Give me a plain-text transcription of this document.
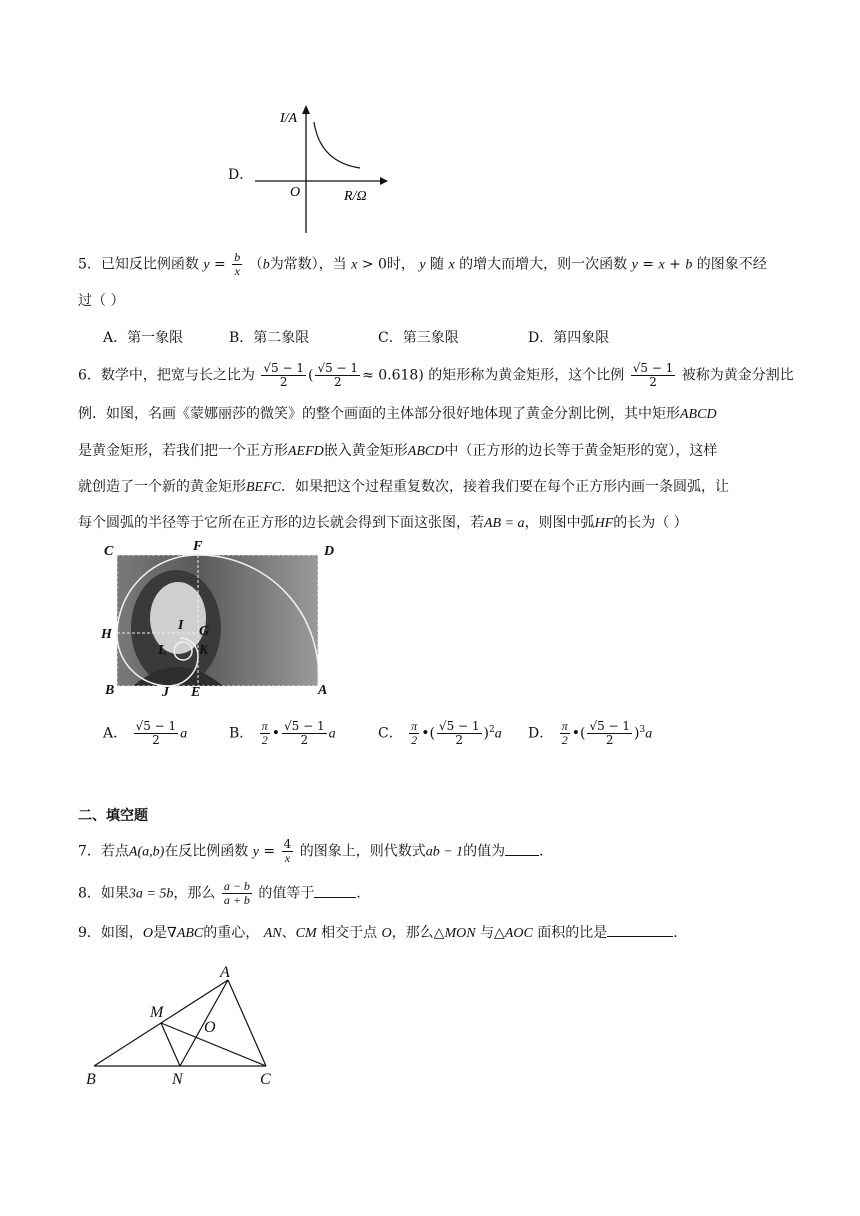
D．
I/A
R/Ω
O
5．已知反比例函数 $y = \frac{b}{x} (b$为常数），当 x > 0时， y 随 x 的增大而增大，则一次函数 y = x + b 的图象不经
过（ ）
A．第一象限	B．第二象限	C．第三象限	D．第四象限
6．数学中，把宽与长之比为 $\frac{√5 - 1}{2}$ ( $\frac{√5 - 1}{2} \approx 0.618$) 的矩形称为黄金矩形，这个比例 $\frac{√5 - 1}{2}$ 被称为黄金分割比
例．如图，名画《蒙娜丽莎的微笑》的整个画面的主体部分很好地体现了黄金分割比例，其中矩形ABCD
是黄金矩形，若我们把一个正方形AEFD嵌入黄金矩形ABCD中（正方形的边长等于黄金矩形的宽），这样
就创造了一个新的黄金矩形BEFC．如果把这个过程重复数次，接着我们要在每个正方形内画一条圆弧，让
每个圆弧的半径等于它所在正方形的边长就会得到下面这张图，若AB = a，则图中弧HF的长为（ ）
C	F	D
H	G
I
L K
B	J E	A
A． $\frac{√5 - 1}{2}$ a	B． $\frac{\pi}{2}$ • $\frac{√5 - 1}{2}$ a	C． $\frac{\pi}{2}$ •( $\frac{√5 - 1}{2} )^2a$ D． $\frac{\pi}{2}$ •( $\frac{√5 - 1}{2} )^3a$
二、填空题
7．若点A(a,b)在反比例函数 $y = \frac{4}{x}$ 的图象上，则代数式ab − 1的值为 ．
8．如果3a = 5b，那么 $\frac{a - b}{a + b}$ 的值等于	．
9．如图，O是∇ABC的重心， AN、CM 相交于点 O，那么△MON 与△AOC 面积的比是	．
A
M
O
B	N	C
